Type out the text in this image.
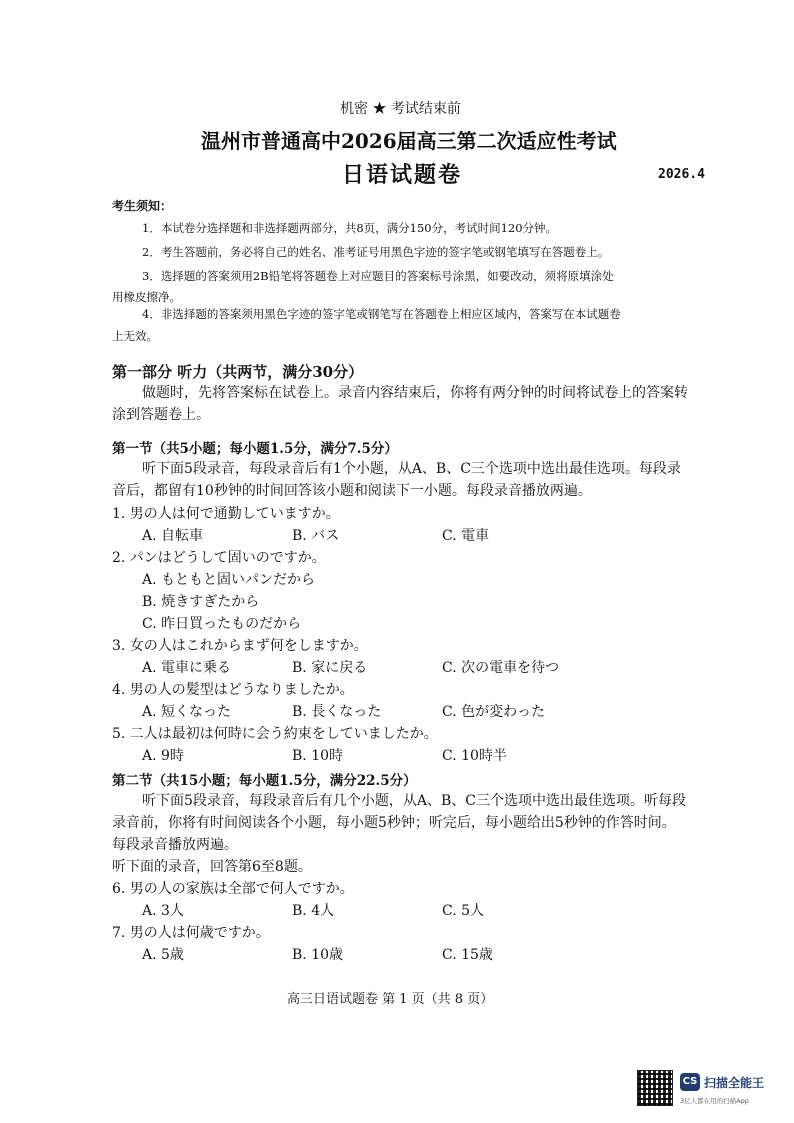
机密 ★ 考试结束前
温州市普通高中2026届高三第二次适应性考试
日语试题卷	2026.4
考生须知：
1．本试卷分选择题和非选择题两部分，共8页，满分150分，考试时间120分钟。
2．考生答题前，务必将自己的姓名、准考证号用黑色字迹的签字笔或钢笔填写在答题卷上。
3．选择题的答案须用2B铅笔将答题卷上对应题目的答案标号涂黑，如要改动，须将原填涂处
用橡皮擦净。
4．非选择题的答案须用黑色字迹的签字笔或钢笔写在答题卷上相应区域内，答案写在本试题卷
上无效。
第一部分 听力（共两节，满分30分）
做题时，先将答案标在试卷上。录音内容结束后，你将有两分钟的时间将试卷上的答案转
涂到答题卷上。
第一节（共5小题；每小题1.5分，满分7.5分）
听下面5段录音，每段录音后有1个小题，从A、B、C三个选项中选出最佳选项。每段录
音后，都留有10秒钟的时间回答该小题和阅读下一小题。每段录音播放两遍。
1. 男の人は何で通勤していますか。
A. 自転車	B. バス	C. 電車
2. パンはどうして固いのですか。
A. もともと固いパンだから
B. 焼きすぎたから
C. 昨日買ったものだから
3. 女の人はこれからまず何をしますか。
A. 電車に乗る	B. 家に戻る	C. 次の電車を待つ
4. 男の人の髪型はどうなりましたか。
A. 短くなった	B. 長くなった	C. 色が変わった
5. 二人は最初は何時に会う約束をしていましたか。
A. 9時	B. 10時	C. 10時半
第二节（共15小题；每小题1.5分，满分22.5分）
听下面5段录音，每段录音后有几个小题，从A、B、C三个选项中选出最佳选项。听每段
录音前，你将有时间阅读各个小题，每小题5秒钟；听完后，每小题给出5秒钟的作答时间。
每段录音播放两遍。
听下面的录音，回答第6至8题。
6. 男の人の家族は全部で何人ですか。
A. 3人	B. 4人	C. 5人
7. 男の人は何歳ですか。
A. 5歳	B. 10歳	C. 15歳
高三日语试题卷 第 1 页（共 8 页）
CS 扫描全能王
3亿人都在用的扫描App
